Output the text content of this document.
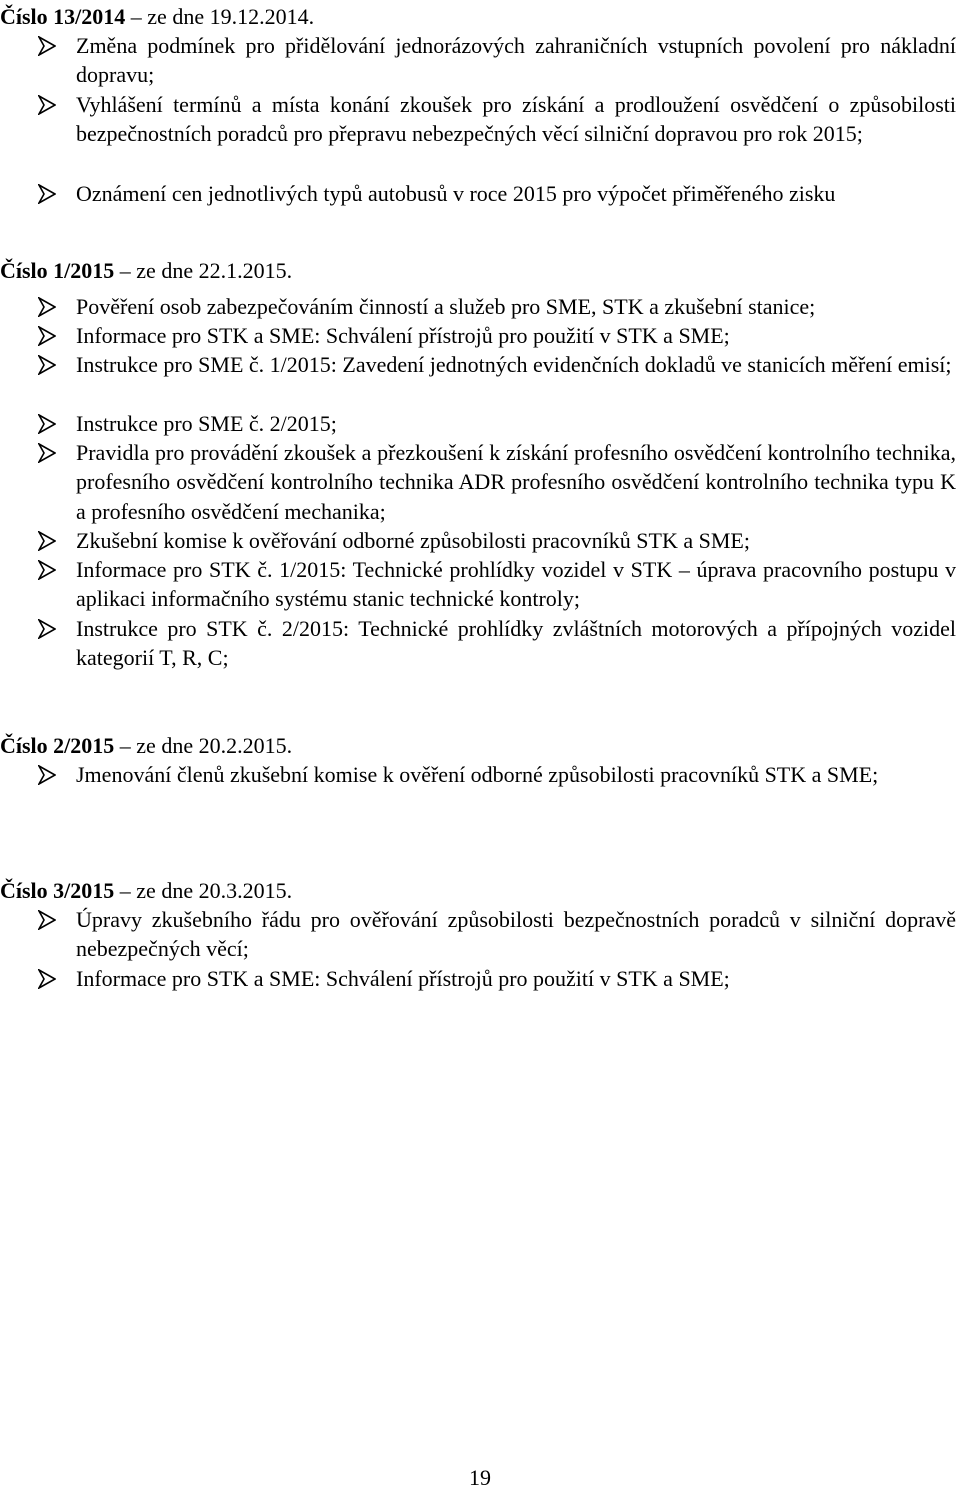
Číslo 13/2014 – ze dne 19.12.2014.
Změna podmínek pro přidělování jednorázových zahraničních vstupních povolení pro nákladní dopravu;
Vyhlášení termínů a místa konání zkoušek pro získání a prodloužení osvědčení o způsobilosti bezpečnostních poradců pro přepravu nebezpečných věcí silniční dopravou pro rok 2015;
Oznámení cen jednotlivých typů autobusů v roce 2015 pro výpočet přiměřeného zisku
Číslo 1/2015 – ze dne 22.1.2015.
Pověření osob zabezpečováním činností a služeb pro SME, STK a zkušební stanice;
Informace pro STK a SME: Schválení přístrojů pro použití v STK a SME;
Instrukce pro SME č. 1/2015: Zavedení jednotných evidenčních dokladů ve stanicích měření emisí;
Instrukce pro SME č. 2/2015;
Pravidla pro provádění zkoušek a přezkoušení k získání profesního osvědčení kontrolního technika, profesního osvědčení kontrolního technika ADR profesního osvědčení kontrolního technika typu K a profesního osvědčení mechanika;
Zkušební komise k ověřování odborné způsobilosti pracovníků STK a SME;
Informace pro STK č. 1/2015: Technické prohlídky vozidel v STK – úprava pracovního postupu v aplikaci informačního systému stanic technické kontroly;
Instrukce pro STK č. 2/2015: Technické prohlídky zvláštních motorových a přípojných vozidel kategorií T, R, C;
Číslo 2/2015 – ze dne 20.2.2015.
Jmenování členů zkušební komise k ověření odborné způsobilosti pracovníků STK a SME;
Číslo 3/2015 – ze dne 20.3.2015.
Úpravy zkušebního řádu pro ověřování způsobilosti bezpečnostních poradců v silniční dopravě nebezpečných věcí;
Informace pro STK a SME: Schválení přístrojů pro použití v STK a SME;
19
